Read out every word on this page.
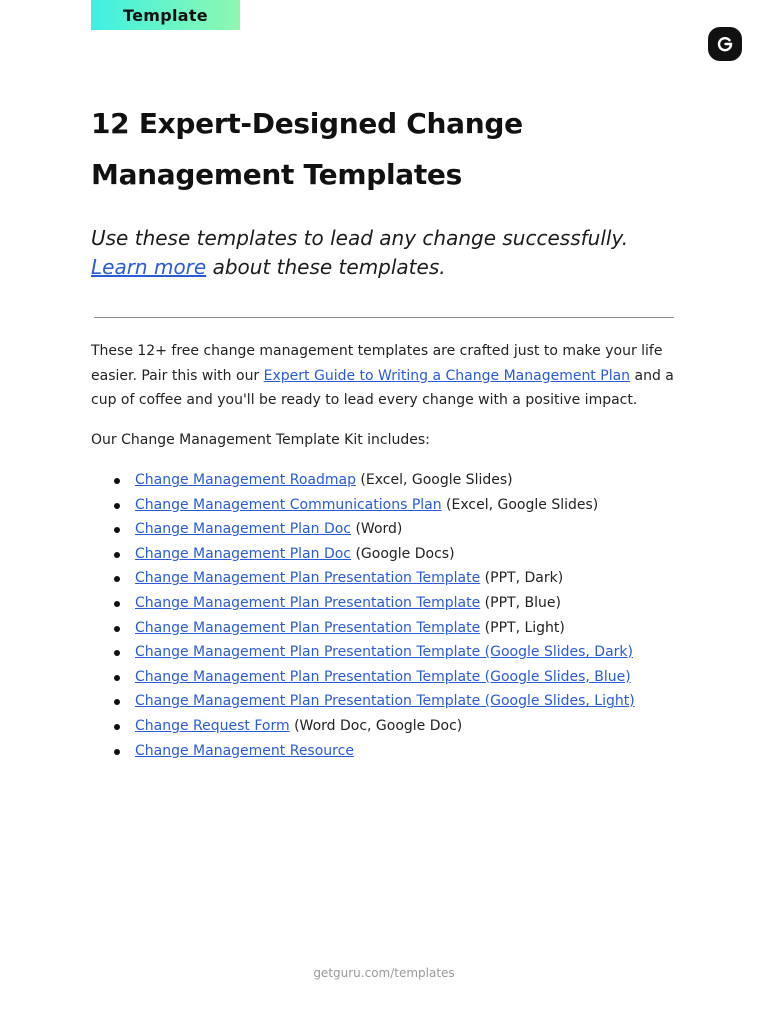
Template
12 Expert-Designed Change
Management Templates

Use these templates to lead any change successfully. Learn more about these templates.

These 12+ free change management templates are crafted just to make your life easier. Pair this with our Expert Guide to Writing a Change Management Plan and a cup of coffee and you'll be ready to lead every change with a positive impact.

Our Change Management Template Kit includes:

Change Management Roadmap (Excel, Google Slides)
Change Management Communications Plan (Excel, Google Slides)
Change Management Plan Doc (Word)
Change Management Plan Doc (Google Docs)
Change Management Plan Presentation Template (PPT, Dark)
Change Management Plan Presentation Template (PPT, Blue)
Change Management Plan Presentation Template (PPT, Light)
Change Management Plan Presentation Template (Google Slides, Dark)
Change Management Plan Presentation Template (Google Slides, Blue)
Change Management Plan Presentation Template (Google Slides, Light)
Change Request Form (Word Doc, Google Doc)
Change Management Resource
getguru.com/templates
